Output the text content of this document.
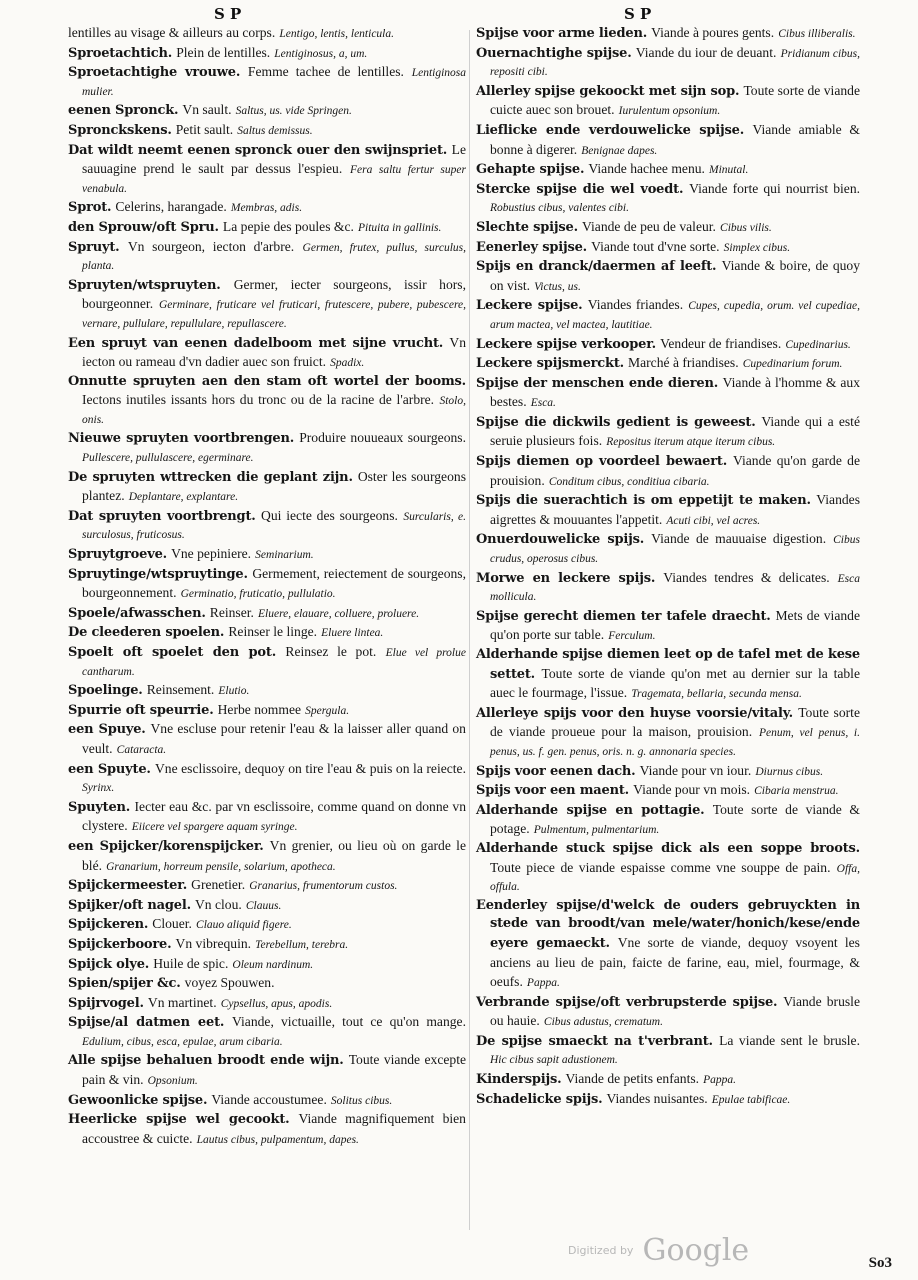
S P	S P

lentilles au visage & ailleurs au corps. Lentigo, lentis, lenticula.

Sproetachtich. Plein de lentilles. Lentiginosus, a, um.

Sproetachtighe vrouwe. Femme tachee de lentilles. Lentiginosa mulier.

eenen Spronck. Vn sault. Saltus, us. vide Springen.

Spronckskens. Petit sault. Saltus demissus.

Dat wildt neemt eenen spronck ouer den swijnspriet. Le sauuagine prend le sault par dessus l'espieu. Fera saltu fertur super venabula.

Sprot. Celerins, harangade. Membras, adis.

den Sprouw/oft Spru. La pepie des poules &c. Pituita in gallinis.

Spruyt. Vn sourgeon, iecton d'arbre. Germen, frutex, pullus, surculus, planta.

Spruyten/wtspruyten. Germer, iecter sourgeons, issir hors, bourgeonner. Germinare, fruticare vel fruticari, frutescere, pubere, pubescere, vernare, pullulare, repullulare, repullascere.

Een spruyt van eenen dadelboom met sijne vrucht. Vn iecton ou rameau d'vn dadier auec son fruict. Spadix.

Onnutte spruyten aen den stam oft wortel der booms. Iectons inutiles issants hors du tronc ou de la racine de l'arbre. Stolo, onis.

Nieuwe spruyten voortbrengen. Produire nouueaux sourgeons. Pullescere, pullulascere, egerminare.

De spruyten wttrecken die geplant zijn. Oster les sourgeons plantez. Deplantare, explantare.

Dat spruyten voortbrengt. Qui iecte des sourgeons. Surcularis, e. surculosus, fruticosus.

Spruytgroeve. Vne pepiniere. Seminarium.

Spruytinge/wtspruytinge. Germement, reiectement de sourgeons, bourgeonnement. Germinatio, fruticatio, pullulatio.

Spoele/afwasschen. Reinser. Eluere, elauare, colluere, proluere.

De cleederen spoelen. Reinser le linge. Eluere lintea.

Spoelt oft spoelet den pot. Reinsez le pot. Elue vel prolue cantharum.

Spoelinge. Reinsement. Elutio.

Spurrie oft speurrie. Herbe nommee Spergula.

een Spuye. Vne esclusе pour retenir l'eau & la laisser aller quand on veult. Cataracta.

een Spuyte. Vne esclissoire, dequoy on tire l'eau & puis on la reiecte. Syrinx.

Spuyten. Iecter eau &c. par vn esclissoire, comme quand on donne vn clystere. Eiicere vel spargere aquam syringe.

een Spijcker/korenspijcker. Vn grenier, ou lieu où on garde le blé. Granarium, horreum pensile, solarium, apotheca.

Spijckermeester. Grenetier. Granarius, frumentorum custos.

Spijker/oft nagel. Vn clou. Clauus.

Spijckeren. Clouer. Clauo aliquid figere.

Spijckerboore. Vn vibrequin. Terebellum, terebra.

Spijck olye. Huile de spic. Oleum nardinum.

Spien/spijer &c. voyez Spouwen.

Spijrvogel. Vn martinet. Cypsellus, apus, apodis.

Spijse/al datmen eet. Viande, victuaille, tout ce qu'on mange. Edulium, cibus, esca, epulae, arum cibaria.

Alle spijse behaluen broodt ende wijn. Toute viande excepte pain & vin. Opsonium.

Gewoonlicke spijse. Viande accoustumee. Solitus cibus.

Heerlicke spijse wel gecookt. Viande magnifiquement bien accoustree & cuicte. Lautus cibus, pulpamentum, dapes.

Spijse voor arme lieden. Viande à poures gents. Cibus illiberalis.

Ouernachtighe spijse. Viande du iour de deuant. Pridianum cibus, repositi cibi.

Allerley spijse gekoockt met sijn sop. Toute sorte de viande cuicte auec son brouet. Iurulentum opsonium.

Lieflicke ende verdouwelicke spijse. Viande amiable & bonne à digerer. Benignae dapes.

Gehapte spijse. Viande hachee menu. Minutal.

Stercke spijse die wel voedt. Viande forte qui nourrist bien. Robustius cibus, valentes cibi.

Slechte spijse. Viande de peu de valeur. Cibus vilis.

Eenerley spijse. Viande tout d'vne sorte. Simplex cibus.

Spijs en dranck/daermen af leeft. Viande & boire, de quoy on vist. Victus, us.

Leckere spijse. Viandes friandes. Cupes, cupedia, orum. vel cupediae, arum mactea, vel mactea, lautitiae.

Leckere spijse verkooper. Vendeur de friandises. Cupedinarius.

Leckere spijsmerckt. Marché à friandises. Cupedinarium forum.

Spijse der menschen ende dieren. Viande à l'homme & aux bestes. Esca.

Spijse die dickwils gedient is geweest. Viande qui a esté seruie plusieurs fois. Repositus iterum atque iterum cibus.

Spijs diemen op voordeel bewaert. Viande qu'on garde de prouision. Conditum cibus, conditiua cibaria.

Spijs die suerachtich is om eppetijt te maken. Viandes aigrettes & mouuantes l'appetit. Acuti cibi, vel acres.

Onuerdouwelicke spijs. Viande de mauuaise digestion. Cibus crudus, operosus cibus.

Morwe en leckere spijs. Viandes tendres & delicates. Esca mollicula.

Spijse gerecht diemen ter tafele draecht. Mets de viande qu'on porte sur table. Ferculum.

Alderhande spijse diemen leet op de tafel met de kese settet. Toute sorte de viande qu'on met au dernier sur la table auec le fourmage, l'issue. Tragemata, bellaria, secunda mensa.

Allerleye spijs voor den huyse voorsie/vitaly. Toute sorte de viande prouеue pour la maison, prouision. Penum, vel penus, i. penus, us. f. gen. penus, oris. n. g. annonaria species.

Spijs voor eenen dach. Viande pour vn iour. Diurnus cibus.

Spijs voor een maent. Viande pour vn mois. Cibaria menstrua.

Alderhande spijse en pottagie. Toute sorte de viande & potage. Pulmentum, pulmentarium.

Alderhande stuck spijse dick als een soppe broots. Toute piece de viande espaisse comme vne souppe de pain. Offa, offula.

Eenderley spijse/d'welck de ouders gebruyckten in stede van broodt/van mele/water/honich/kese/ende eyere gemaeckt. Vne sorte de viande, dequoy vsoyent les anciens au lieu de pain, faicte de farine, eau, miel, fourmage, & oeufs. Pappa.

Verbrande spijse/oft verbrupsterde spijse. Viande brusle ou hauie. Cibus adustus, crematum.

De spijse smaeckt na t'verbrant. La viande sent le brusle. Hic cibus sapit adustionem.

Kinderspijs. Viande de petits enfants. Pappa.

Schadelicke spijs. Viandes nuisantes. Epulae tabificae.

So3
Digitized by Google
